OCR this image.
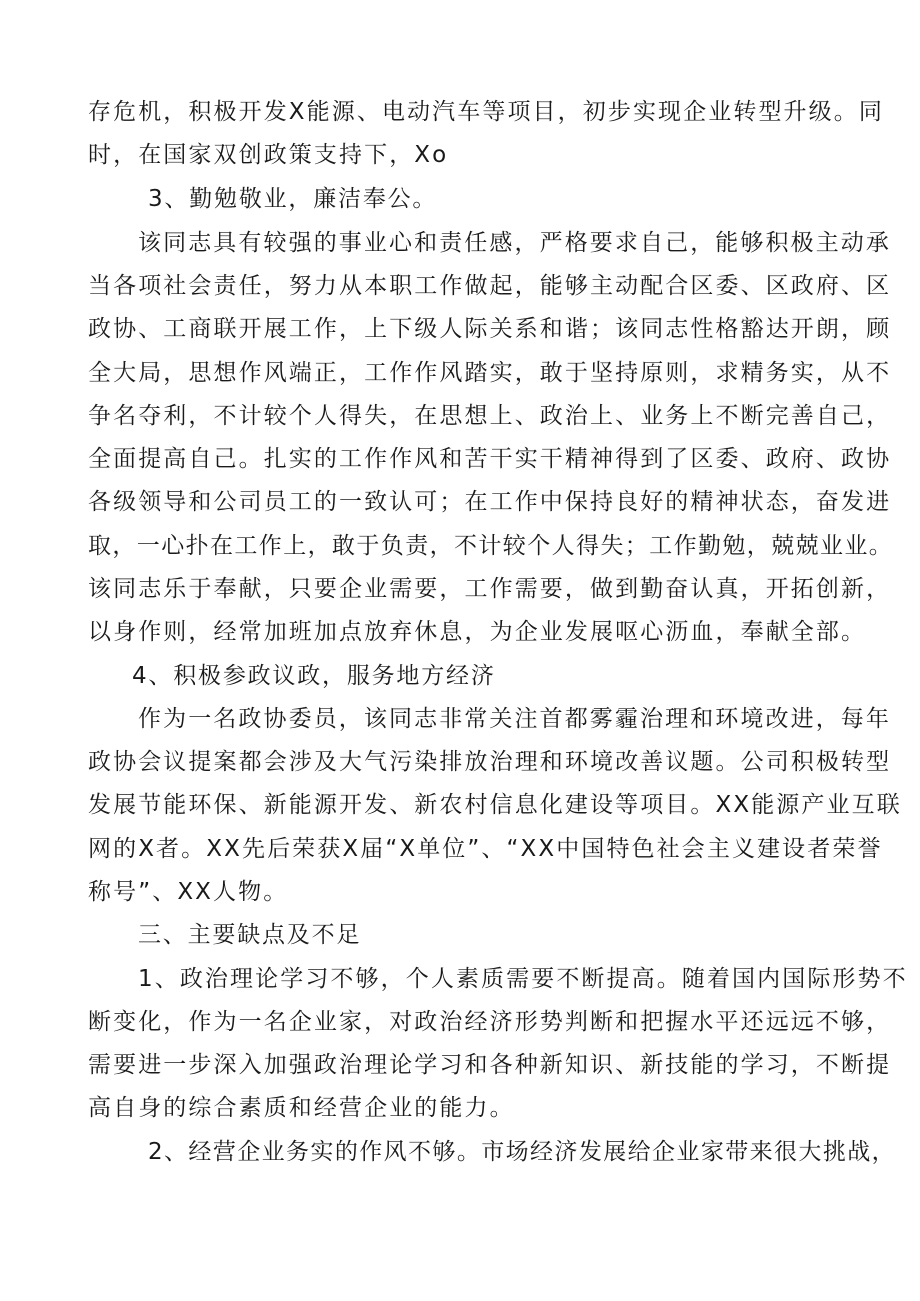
存危机，积极开发X能源、电动汽车等项目，初步实现企业转型升级。同
时，在国家双创政策支持下，Xo
3、勤勉敬业，廉洁奉公。
该同志具有较强的事业心和责任感，严格要求自己，能够积极主动承
当各项社会责任，努力从本职工作做起，能够主动配合区委、区政府、区
政协、工商联开展工作，上下级人际关系和谐；该同志性格豁达开朗，顾
全大局，思想作风端正，工作作风踏实，敢于坚持原则，求精务实，从不
争名夺利，不计较个人得失，在思想上、政治上、业务上不断完善自己，
全面提高自己。扎实的工作作风和苦干实干精神得到了区委、政府、政协
各级领导和公司员工的一致认可；在工作中保持良好的精神状态，奋发进
取，一心扑在工作上，敢于负责，不计较个人得失；工作勤勉，兢兢业业。
该同志乐于奉献，只要企业需要，工作需要，做到勤奋认真，开拓创新，
以身作则，经常加班加点放弃休息，为企业发展呕心沥血，奉献全部。
4、积极参政议政，服务地方经济
作为一名政协委员，该同志非常关注首都雾霾治理和环境改进，每年
政协会议提案都会涉及大气污染排放治理和环境改善议题。公司积极转型
发展节能环保、新能源开发、新农村信息化建设等项目。XX能源产业互联
网的X者。XX先后荣获X届“X单位”、“XX中国特色社会主义建设者荣誉
称号”、XX人物。
三、主要缺点及不足
1、政治理论学习不够，个人素质需要不断提高。随着国内国际形势不
断变化，作为一名企业家，对政治经济形势判断和把握水平还远远不够，
需要进一步深入加强政治理论学习和各种新知识、新技能的学习，不断提
高自身的综合素质和经营企业的能力。
2、经营企业务实的作风不够。市场经济发展给企业家带来很大挑战，
